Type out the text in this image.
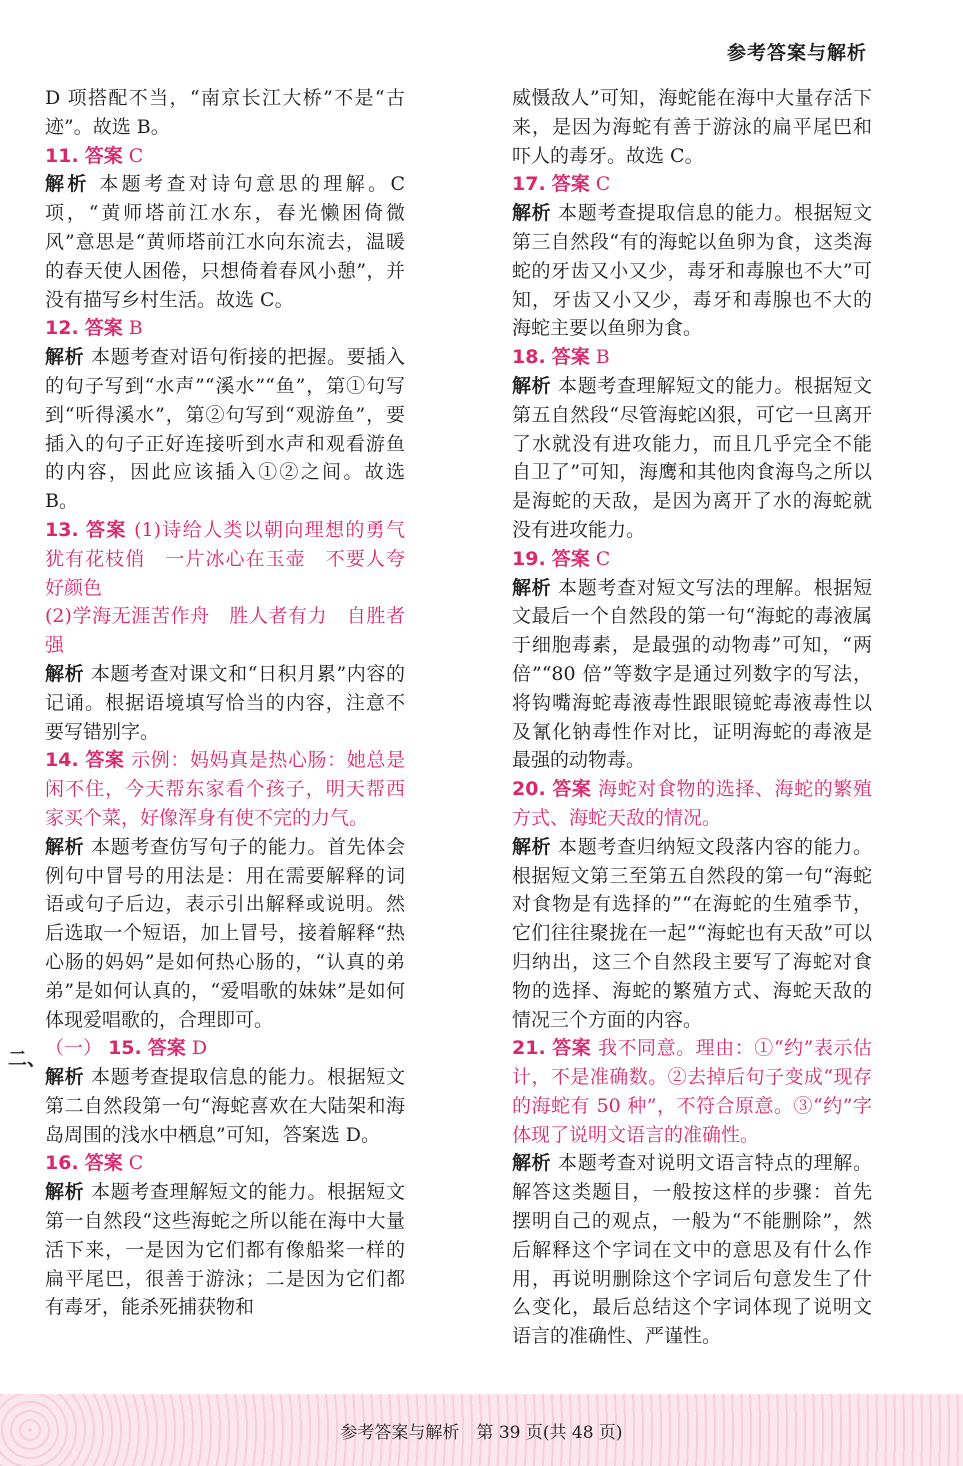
参考答案与解析
二、

D 项搭配不当，“南京长江大桥”不是“古迹”。故选 B。

11. 答案 C

解析 本题考查对诗句意思的理解。C 项，“黄师塔前江水东，春光懒困倚微风”意思是“黄师塔前江水向东流去，温暖的春天使人困倦，只想倚着春风小憩”，并没有描写乡村生活。故选 C。

12. 答案 B

解析 本题考查对语句衔接的把握。要插入的句子写到“水声”“溪水”“鱼”，第①句写到“听得溪水”，第②句写到“观游鱼”，要插入的句子正好连接听到水声和观看游鱼的内容，因此应该插入①②之间。故选 B。

13. 答案 (1)诗给人类以朝向理想的勇气　犹有花枝俏　一片冰心在玉壶　不要人夸好颜色

(2)学海无涯苦作舟　胜人者有力　自胜者强

解析 本题考查对课文和“日积月累”内容的记诵。根据语境填写恰当的内容，注意不要写错别字。

14. 答案 示例：妈妈真是热心肠：她总是闲不住，今天帮东家看个孩子，明天帮西家买个菜，好像浑身有使不完的力气。

解析 本题考查仿写句子的能力。首先体会例句中冒号的用法是：用在需要解释的词语或句子后边，表示引出解释或说明。然后选取一个短语，加上冒号，接着解释“热心肠的妈妈”是如何热心肠的，“认真的弟弟”是如何认真的，“爱唱歌的妹妹”是如何体现爱唱歌的，合理即可。

（一） 15. 答案 D

解析 本题考查提取信息的能力。根据短文第二自然段第一句“海蛇喜欢在大陆架和海岛周围的浅水中栖息”可知，答案选 D。

16. 答案 C

解析 本题考查理解短文的能力。根据短文第一自然段“这些海蛇之所以能在海中大量活下来，一是因为它们都有像船桨一样的扁平尾巴，很善于游泳；二是因为它们都有毒牙，能杀死捕获物和

威慑敌人”可知，海蛇能在海中大量存活下来，是因为海蛇有善于游泳的扁平尾巴和吓人的毒牙。故选 C。

17. 答案 C

解析 本题考查提取信息的能力。根据短文第三自然段“有的海蛇以鱼卵为食，这类海蛇的牙齿又小又少，毒牙和毒腺也不大”可知，牙齿又小又少，毒牙和毒腺也不大的海蛇主要以鱼卵为食。

18. 答案 B

解析 本题考查理解短文的能力。根据短文第五自然段“尽管海蛇凶狠，可它一旦离开了水就没有进攻能力，而且几乎完全不能自卫了”可知，海鹰和其他肉食海鸟之所以是海蛇的天敌，是因为离开了水的海蛇就没有进攻能力。

19. 答案 C

解析 本题考查对短文写法的理解。根据短文最后一个自然段的第一句“海蛇的毒液属于细胞毒素，是最强的动物毒”可知，“两倍”“80 倍”等数字是通过列数字的写法，将钩嘴海蛇毒液毒性跟眼镜蛇毒液毒性以及氰化钠毒性作对比，证明海蛇的毒液是最强的动物毒。

20. 答案 海蛇对食物的选择、海蛇的繁殖方式、海蛇天敌的情况。

解析 本题考查归纳短文段落内容的能力。根据短文第三至第五自然段的第一句“海蛇对食物是有选择的”“在海蛇的生殖季节，它们往往聚拢在一起”“海蛇也有天敌”可以归纳出，这三个自然段主要写了海蛇对食物的选择、海蛇的繁殖方式、海蛇天敌的情况三个方面的内容。

21. 答案 我不同意。理由：①“约”表示估计，不是准确数。②去掉后句子变成“现存的海蛇有 50 种”，不符合原意。③“约”字体现了说明文语言的准确性。

解析 本题考查对说明文语言特点的理解。解答这类题目，一般按这样的步骤：首先摆明自己的观点，一般为“不能删除”，然后解释这个字词在文中的意思及有什么作用，再说明删除这个字词后句意发生了什么变化，最后总结这个字词体现了说明文语言的准确性、严谨性。

参考答案与解析　第 39 页(共 48 页)
